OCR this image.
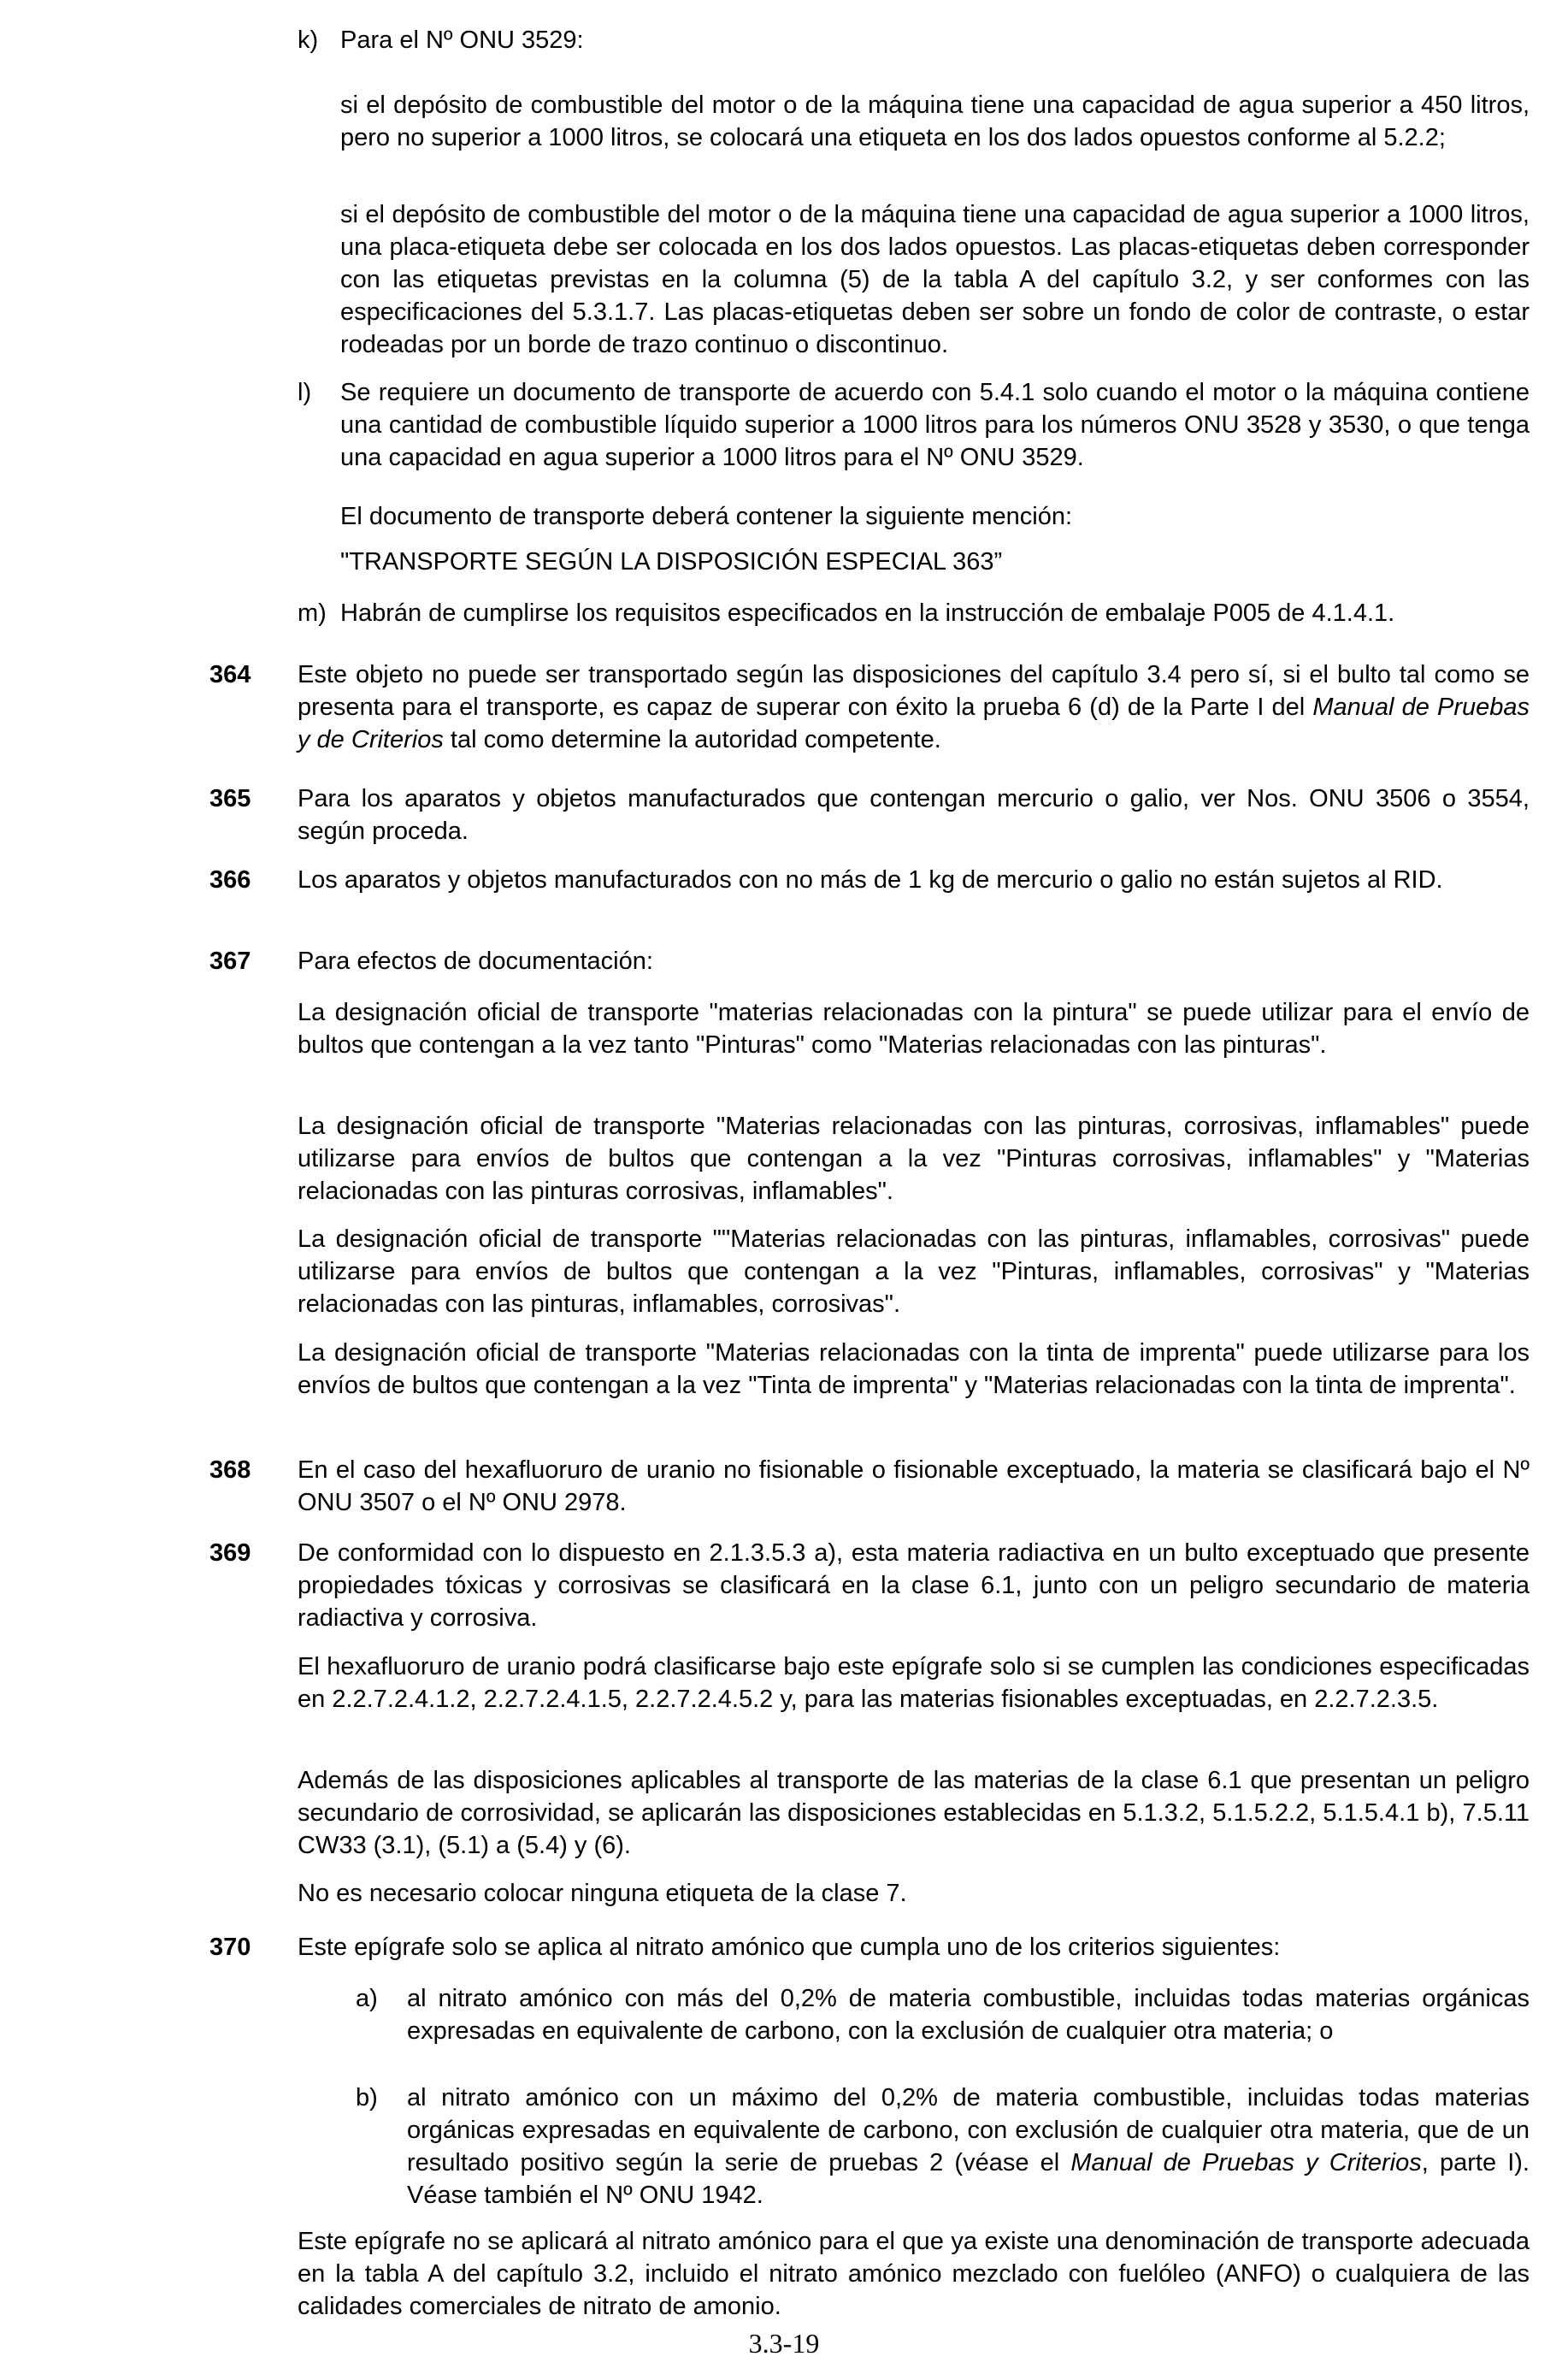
k) Para el Nº ONU 3529:

si el depósito de combustible del motor o de la máquina tiene una capacidad de agua superior a 450 litros, pero no superior a 1000 litros, se colocará una etiqueta en los dos lados opuestos conforme al 5.2.2;

si el depósito de combustible del motor o de la máquina tiene una capacidad de agua superior a 1000 litros, una placa-etiqueta debe ser colocada en los dos lados opuestos. Las placas-etiquetas deben corresponder con las etiquetas previstas en la columna (5) de la tabla A del capítulo 3.2, y ser conformes con las especificaciones del 5.3.1.7. Las placas-etiquetas deben ser sobre un fondo de color de contraste, o estar rodeadas por un borde de trazo continuo o discontinuo.

l) Se requiere un documento de transporte de acuerdo con 5.4.1 solo cuando el motor o la máquina contiene una cantidad de combustible líquido superior a 1000 litros para los números ONU 3528 y 3530, o que tenga una capacidad en agua superior a 1000 litros para el Nº ONU 3529.

El documento de transporte deberá contener la siguiente mención:

"TRANSPORTE SEGÚN LA DISPOSICIÓN ESPECIAL 363”

m) Habrán de cumplirse los requisitos especificados en la instrucción de embalaje P005 de 4.1.4.1.

364 Este objeto no puede ser transportado según las disposiciones del capítulo 3.4 pero sí, si el bulto tal como se presenta para el transporte, es capaz de superar con éxito la prueba 6 (d) de la Parte I del Manual de Pruebas y de Criterios tal como determine la autoridad competente.

365 Para los aparatos y objetos manufacturados que contengan mercurio o galio, ver Nos. ONU 3506 o 3554, según proceda.

366 Los aparatos y objetos manufacturados con no más de 1 kg de mercurio o galio no están sujetos al RID.

367 Para efectos de documentación:

La designación oficial de transporte "materias relacionadas con la pintura" se puede utilizar para el envío de bultos que contengan a la vez tanto "Pinturas" como "Materias relacionadas con las pinturas".

La designación oficial de transporte "Materias relacionadas con las pinturas, corrosivas, inflamables" puede utilizarse para envíos de bultos que contengan a la vez "Pinturas corrosivas, inflamables" y "Materias relacionadas con las pinturas corrosivas, inflamables".

La designación oficial de transporte ""Materias relacionadas con las pinturas, inflamables, corrosivas" puede utilizarse para envíos de bultos que contengan a la vez "Pinturas, inflamables, corrosivas" y "Materias relacionadas con las pinturas, inflamables, corrosivas".

La designación oficial de transporte "Materias relacionadas con la tinta de imprenta" puede utilizarse para los envíos de bultos que contengan a la vez "Tinta de imprenta" y "Materias relacionadas con la tinta de imprenta".

368 En el caso del hexafluoruro de uranio no fisionable o fisionable exceptuado, la materia se clasificará bajo el Nº ONU 3507 o el Nº ONU 2978.

369 De conformidad con lo dispuesto en 2.1.3.5.3 a), esta materia radiactiva en un bulto exceptuado que presente propiedades tóxicas y corrosivas se clasificará en la clase 6.1, junto con un peligro secundario de materia radiactiva y corrosiva.

El hexafluoruro de uranio podrá clasificarse bajo este epígrafe solo si se cumplen las condiciones especificadas en 2.2.7.2.4.1.2, 2.2.7.2.4.1.5, 2.2.7.2.4.5.2 y, para las materias fisionables exceptuadas, en 2.2.7.2.3.5.

Además de las disposiciones aplicables al transporte de las materias de la clase 6.1 que presentan un peligro secundario de corrosividad, se aplicarán las disposiciones establecidas en 5.1.3.2, 5.1.5.2.2, 5.1.5.4.1 b), 7.5.11 CW33 (3.1), (5.1) a (5.4) y (6).

No es necesario colocar ninguna etiqueta de la clase 7.

370 Este epígrafe solo se aplica al nitrato amónico que cumpla uno de los criterios siguientes:

a) al nitrato amónico con más del 0,2% de materia combustible, incluidas todas materias orgánicas expresadas en equivalente de carbono, con la exclusión de cualquier otra materia; o

b) al nitrato amónico con un máximo del 0,2% de materia combustible, incluidas todas materias orgánicas expresadas en equivalente de carbono, con exclusión de cualquier otra materia, que de un resultado positivo según la serie de pruebas 2 (véase el Manual de Pruebas y Criterios, parte I). Véase también el Nº ONU 1942.

Este epígrafe no se aplicará al nitrato amónico para el que ya existe una denominación de transporte adecuada en la tabla A del capítulo 3.2, incluido el nitrato amónico mezclado con fuelóleo (ANFO) o cualquiera de las calidades comerciales de nitrato de amonio.

3.3-19
